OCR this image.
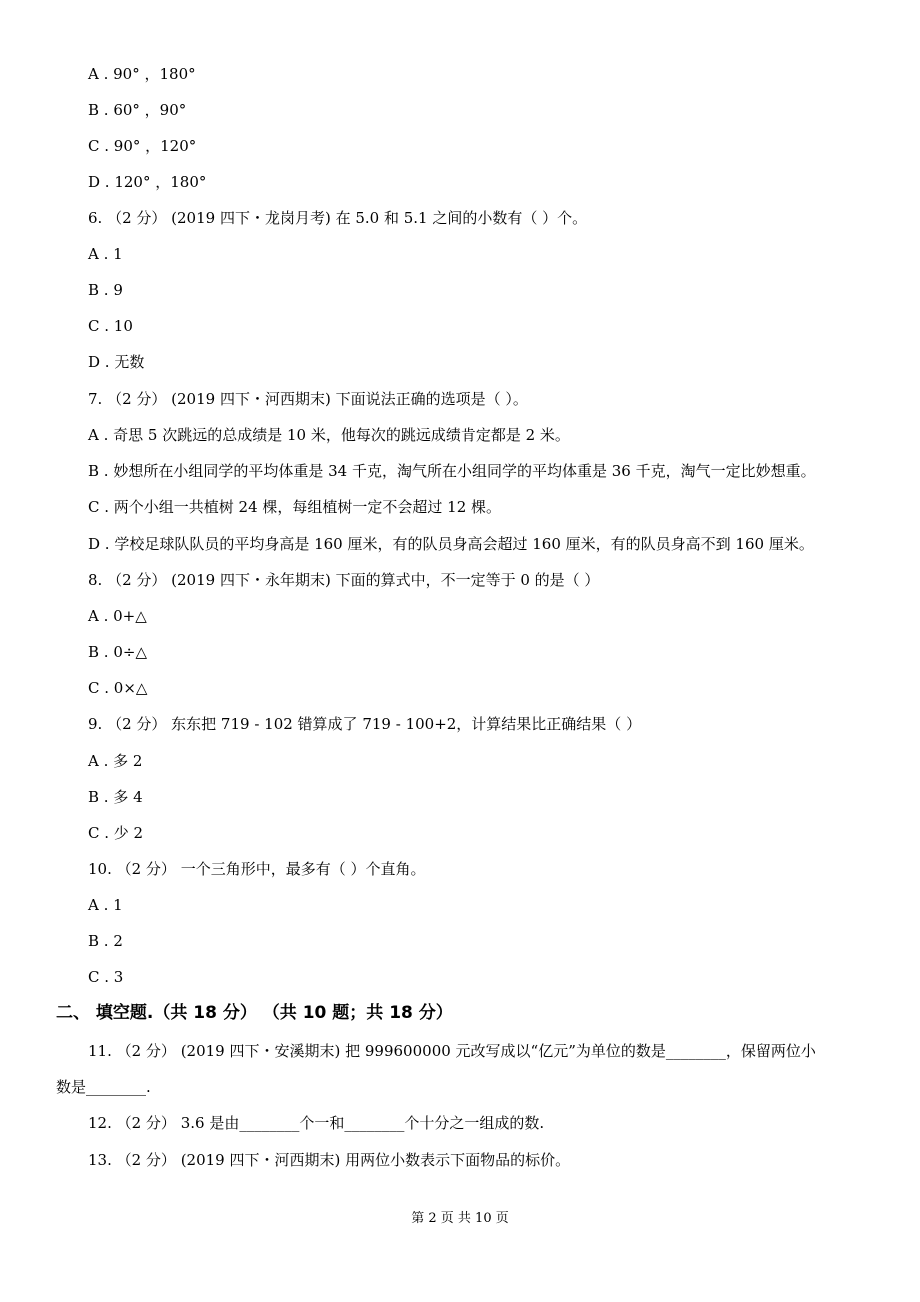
A . 90° ，180°
B . 60° ，90°
C . 90° ，120°
D . 120° ，180°
6. （2 分） (2019 四下・龙岗月考) 在 5.0 和 5.1 之间的小数有（ ）个。
A . 1
B . 9
C . 10
D . 无数
7. （2 分） (2019 四下・河西期末) 下面说法正确的选项是（ ）。
A . 奇思 5 次跳远的总成绩是 10 米，他每次的跳远成绩肯定都是 2 米。
B . 妙想所在小组同学的平均体重是 34 千克，淘气所在小组同学的平均体重是 36 千克，淘气一定比妙想重。
C . 两个小组一共植树 24 棵，每组植树一定不会超过 12 棵。
D . 学校足球队队员的平均身高是 160 厘米，有的队员身高会超过 160 厘米，有的队员身高不到 160 厘米。
8. （2 分） (2019 四下・永年期末) 下面的算式中，不一定等于 0 的是（ ）
A . 0+△
B . 0÷△
C . 0×△
9. （2 分） 东东把 719 - 102 错算成了 719 - 100+2，计算结果比正确结果（ ）
A . 多 2
B . 多 4
C . 少 2
10. （2 分） 一个三角形中，最多有（ ）个直角。
A . 1
B . 2
C . 3
二、 填空题.（共 18 分） （共 10 题；共 18 分）
11. （2 分） (2019 四下・安溪期末) 把 999600000 元改写成以“亿元”为单位的数是________，保留两位小
数是________.
12. （2 分） 3.6 是由________个一和________个十分之一组成的数.
13. （2 分） (2019 四下・河西期末) 用两位小数表示下面物品的标价。
第 2 页 共 10 页
